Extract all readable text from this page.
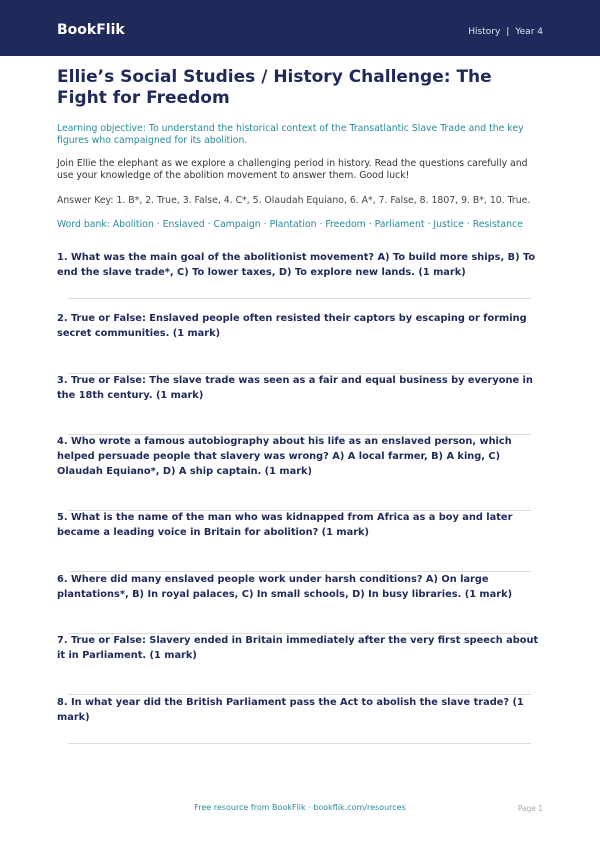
BookFlik	History | Year 4
Ellie’s Social Studies / History Challenge: The Fight for Freedom
Learning objective: To understand the historical context of the Transatlantic Slave Trade and the key figures who campaigned for its abolition.
Join Ellie the elephant as we explore a challenging period in history. Read the questions carefully and use your knowledge of the abolition movement to answer them. Good luck!
Answer Key: 1. B*, 2. True, 3. False, 4. C*, 5. Olaudah Equiano, 6. A*, 7. False, 8. 1807, 9. B*, 10. True.
Word bank: Abolition · Enslaved · Campaign · Plantation · Freedom · Parliament · Justice · Resistance
1. What was the main goal of the abolitionist movement? A) To build more ships, B) To end the slave trade*, C) To lower taxes, D) To explore new lands. (1 mark)
2. True or False: Enslaved people often resisted their captors by escaping or forming secret communities. (1 mark)
3. True or False: The slave trade was seen as a fair and equal business by everyone in the 18th century. (1 mark)
4. Who wrote a famous autobiography about his life as an enslaved person, which helped persuade people that slavery was wrong? A) A local farmer, B) A king, C) Olaudah Equiano*, D) A ship captain. (1 mark)
5. What is the name of the man who was kidnapped from Africa as a boy and later became a leading voice in Britain for abolition? (1 mark)
6. Where did many enslaved people work under harsh conditions? A) On large plantations*, B) In royal palaces, C) In small schools, D) In busy libraries. (1 mark)
7. True or False: Slavery ended in Britain immediately after the very first speech about it in Parliament. (1 mark)
8. In what year did the British Parliament pass the Act to abolish the slave trade? (1 mark)
Free resource from BookFlik · bookflik.com/resources	Page 1
